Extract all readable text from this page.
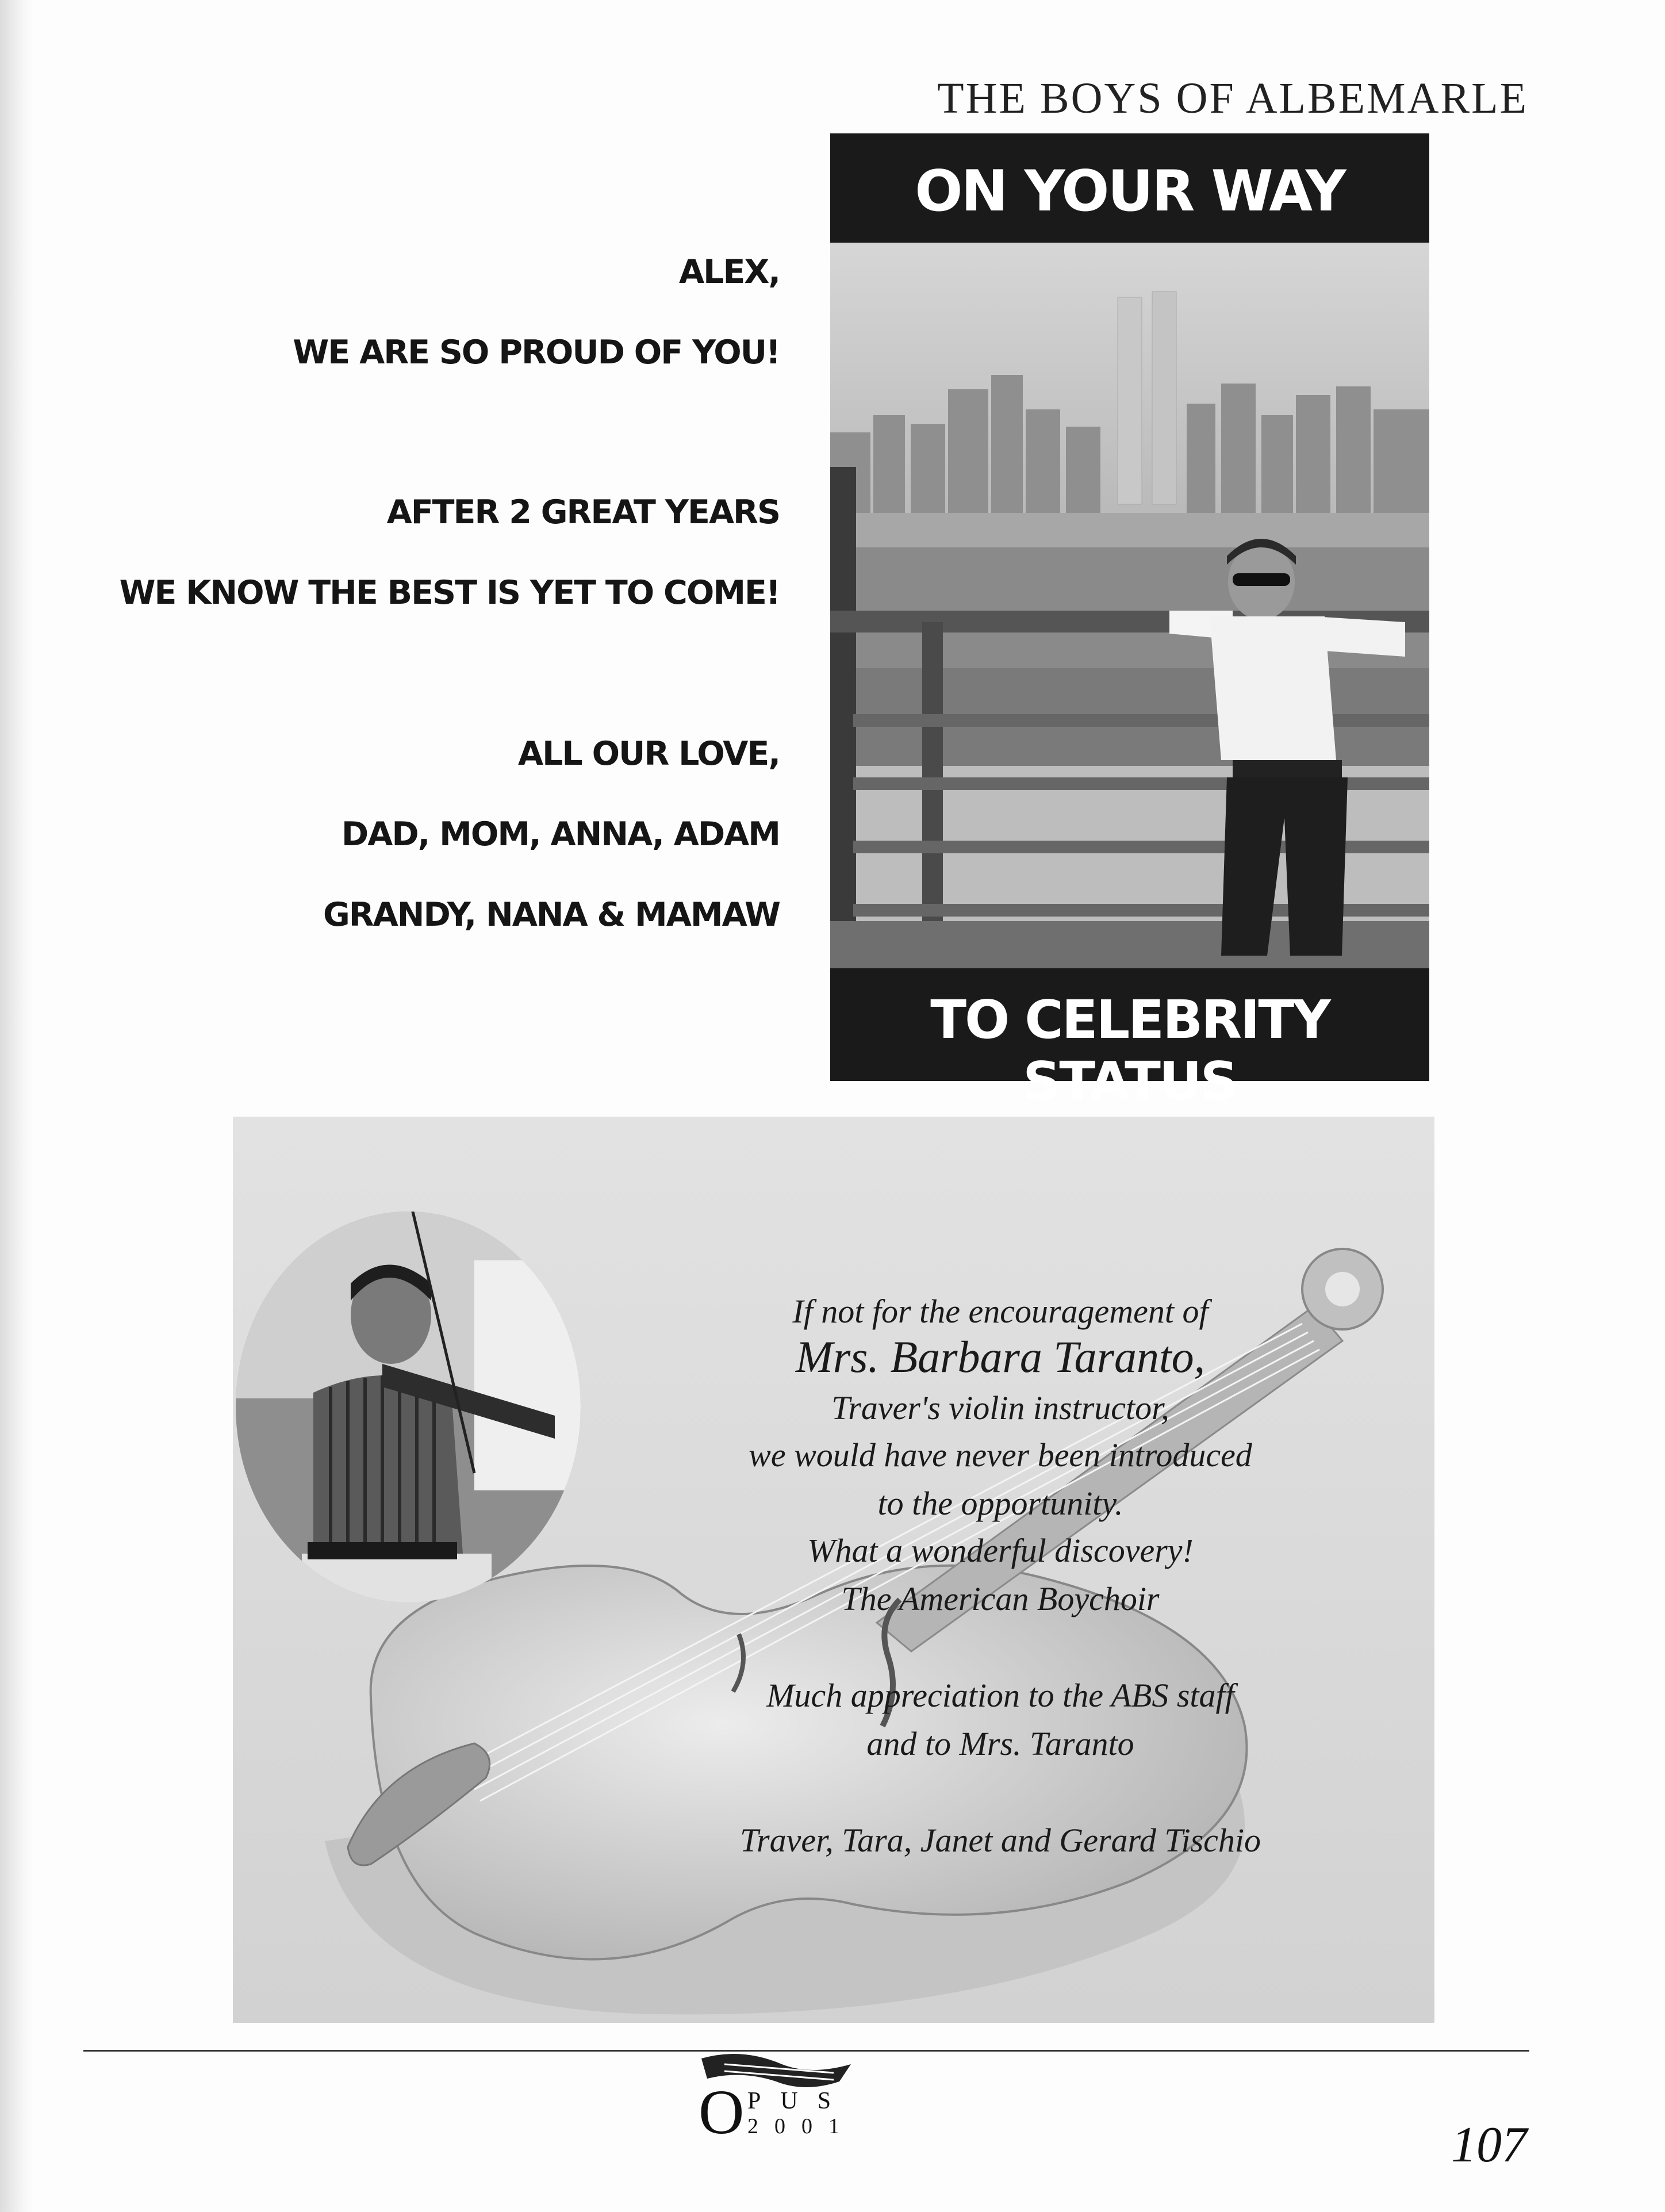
THE BOYS OF ALBEMARLE
ON YOUR WAY
TO CELEBRITY STATUS
ALEX,
WE ARE SO PROUD OF YOU!
AFTER 2 GREAT YEARS
WE KNOW THE BEST IS YET TO COME!
ALL OUR LOVE,
DAD, MOM, ANNA, ADAM
GRANDY, NANA & MAMAW
If not for the encouragement of
Mrs. Barbara Taranto,
Traver's violin instructor,
we would have never been introduced
to the opportunity.
What a wonderful discovery!
The American Boychoir
Much appreciation to the ABS staff
and to Mrs. Taranto
Traver, Tara, Janet and Gerard Tischio
O PUS
2001	107
